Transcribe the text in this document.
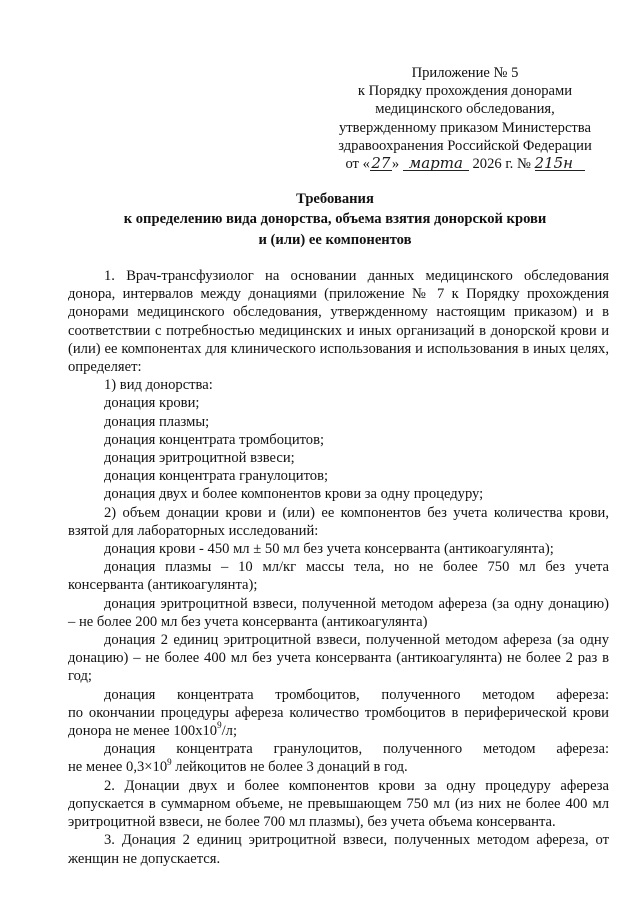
Приложение № 5
к Порядку прохождения донорами
медицинского обследования,
утвержденному приказом Министерства
здравоохранения Российской Федерации
от «27» марта 2026 г. № 215н
Требования
к определению вида донорства, объема взятия донорской крови
и (или) ее компонентов

1. Врач-трансфузиолог на основании данных медицинского обследования донора, интервалов между донациями (приложение № 7 к Порядку прохождения донорами медицинского обследования, утвержденному настоящим приказом) и в соответствии с потребностью медицинских и иных организаций в донорской крови и (или) ее компонентах для клинического использования и использования в иных целях, определяет:

1) вид донорства:

донация крови;

донация плазмы;

донация концентрата тромбоцитов;

донация эритроцитной взвеси;

донация концентрата гранулоцитов;

донация двух и более компонентов крови за одну процедуру;

2) объем донации крови и (или) ее компонентов без учета количества крови, взятой для лабораторных исследований:

донация крови - 450 мл ± 50 мл без учета консерванта (антикоагулянта);

донация плазмы – 10 мл/кг массы тела, но не более 750 мл без учета консерванта (антикоагулянта);

донация эритроцитной взвеси, полученной методом афереза (за одну донацию) – не более 200 мл без учета консерванта (антикоагулянта)

донация 2 единиц эритроцитной взвеси, полученной методом афереза (за одну донацию) – не более 400 мл без учета консерванта (антикоагулянта) не более 2 раз в год;

донация концентрата тромбоцитов, полученного методом афереза:

по окончании процедуры афереза количество тромбоцитов в периферической крови донора не менее $100х10^9/л$;

донация концентрата гранулоцитов, полученного методом афереза:

не менее $0,3\times 10^9$ лейкоцитов не более 3 донаций в год.

2. Донации двух и более компонентов крови за одну процедуру афереза допускается в суммарном объеме, не превышающем 750 мл (из них не более 400 мл эритроцитной взвеси, не более 700 мл плазмы), без учета объема консерванта.

3. Донация 2 единиц эритроцитной взвеси, полученных методом афереза, от женщин не допускается.
